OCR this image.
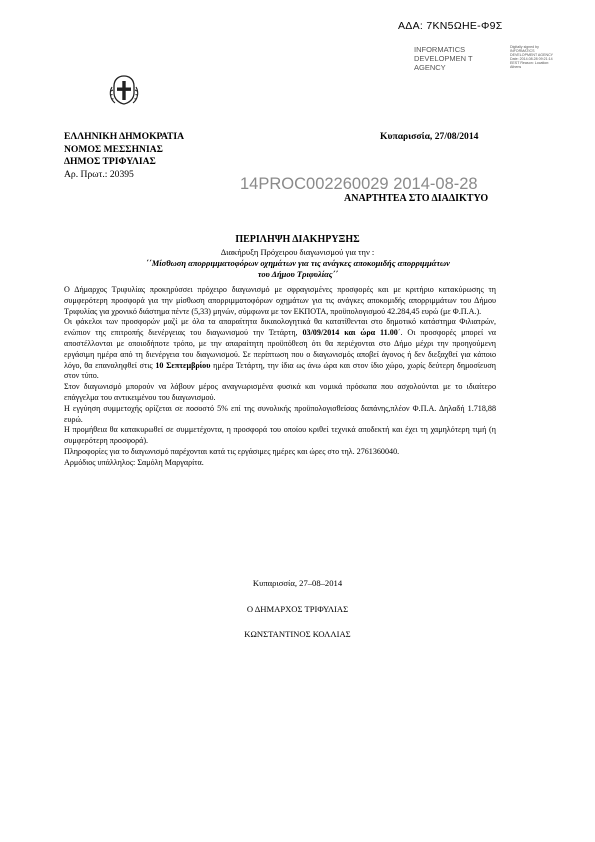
ΑΔΑ: 7ΚΝ5ΩΗΕ-Φ9Σ
INFORMATICS DEVELOPMEN T AGENCY
Digitally signed by INFORMATICS DEVELOPMENT AGENCY Date: 2014.08.28 09:21:14 EEST Reason: Location: Athens
ΕΛΛΗΝΙΚΗ ΔΗΜΟΚΡΑΤΙΑ
ΝΟΜΟΣ ΜΕΣΣΗΝΙΑΣ
ΔΗΜΟΣ ΤΡΙΦΥΛΙΑΣ
Αρ. Πρωτ.: 20395
Κυπαρισσία, 27/08/2014
14PROC002260029 2014-08-28
ΑΝΑΡΤΗΤΕΑ ΣΤΟ ΔΙΑΔΙΚΤΥΟ
ΠΕΡΙΛΗΨΗ ΔΙΑΚΗΡΥΞΗΣ
Διακήρυξη Πρόχειρου διαγωνισμού για την :
΄΄Μίσθωση απορριμματοφόρων οχημάτων για τις ανάγκες αποκομιδής απορριμμάτων
του Δήμου Τριφυλίας΄΄

Ο Δήμαρχος Τριφυλίας προκηρύσσει πρόχειρο διαγωνισμό με σφραγισμένες προσφορές και με κριτήριο κατακύρωσης τη συμφερότερη προσφορά για την μίσθωση απορριμματοφόρων οχημάτων για τις ανάγκες αποκομιδής απορριμμάτων του Δήμου Τριφυλίας για χρονικό διάστημα πέντε (5,33) μηνών, σύμφωνα με τον ΕΚΠΟΤΑ, προϋπολογισμού 42.284,45 ευρώ (με Φ.Π.Α.).

Οι φάκελοι των προσφορών μαζί με όλα τα απαραίτητα δικαιολογητικά θα κατατίθενται στο δημοτικό κατάστημα Φιλιατρών, ενώπιον της επιτροπής διενέργειας του διαγωνισμού την Τετάρτη, 03/09/2014 και ώρα 11.00΄. Οι προσφορές μπορεί να αποστέλλονται με οποιοδήποτε τρόπο, με την απαραίτητη προϋπόθεση ότι θα περιέχονται στο Δήμο μέχρι την προηγούμενη εργάσιμη ημέρα από τη διενέργεια του διαγωνισμού. Σε περίπτωση που ο διαγωνισμός αποβεί άγονος ή δεν διεξαχθεί για κάποιο λόγο, θα επαναληφθεί στις 10 Σεπτεμβρίου ημέρα Τετάρτη, την ίδια ως άνω ώρα και στον ίδιο χώρο, χωρίς δεύτερη δημοσίευση στον τύπο.

Στον διαγωνισμό μπορούν να λάβουν μέρος αναγνωρισμένα φυσικά και νομικά πρόσωπα που ασχολούνται με το ιδιαίτερο επάγγελμα του αντικειμένου του διαγωνισμού.

Η εγγύηση συμμετοχής ορίζεται σε ποσοστό 5% επί της συνολικής προϋπολογισθείσας δαπάνης,πλέον Φ.Π.Α. Δηλαδή 1.718,88 ευρώ.

Η προμήθεια θα κατακυρωθεί σε συμμετέχοντα, η προσφορά του οποίου κριθεί τεχνικά αποδεκτή και έχει τη χαμηλότερη τιμή (η συμφερότερη προσφορά).

Πληροφορίες για το διαγωνισμό παρέχονται κατά τις εργάσιμες ημέρες και ώρες στο τηλ. 2761360040.

Αρμόδιος υπάλληλος: Σαμόλη Μαργαρίτα.

Κυπαρισσία, 27–08–2014
Ο ΔΗΜΑΡΧΟΣ ΤΡΙΦΥΛΙΑΣ
ΚΩΝΣΤΑΝΤΙΝΟΣ ΚΟΛΛΙΑΣ
